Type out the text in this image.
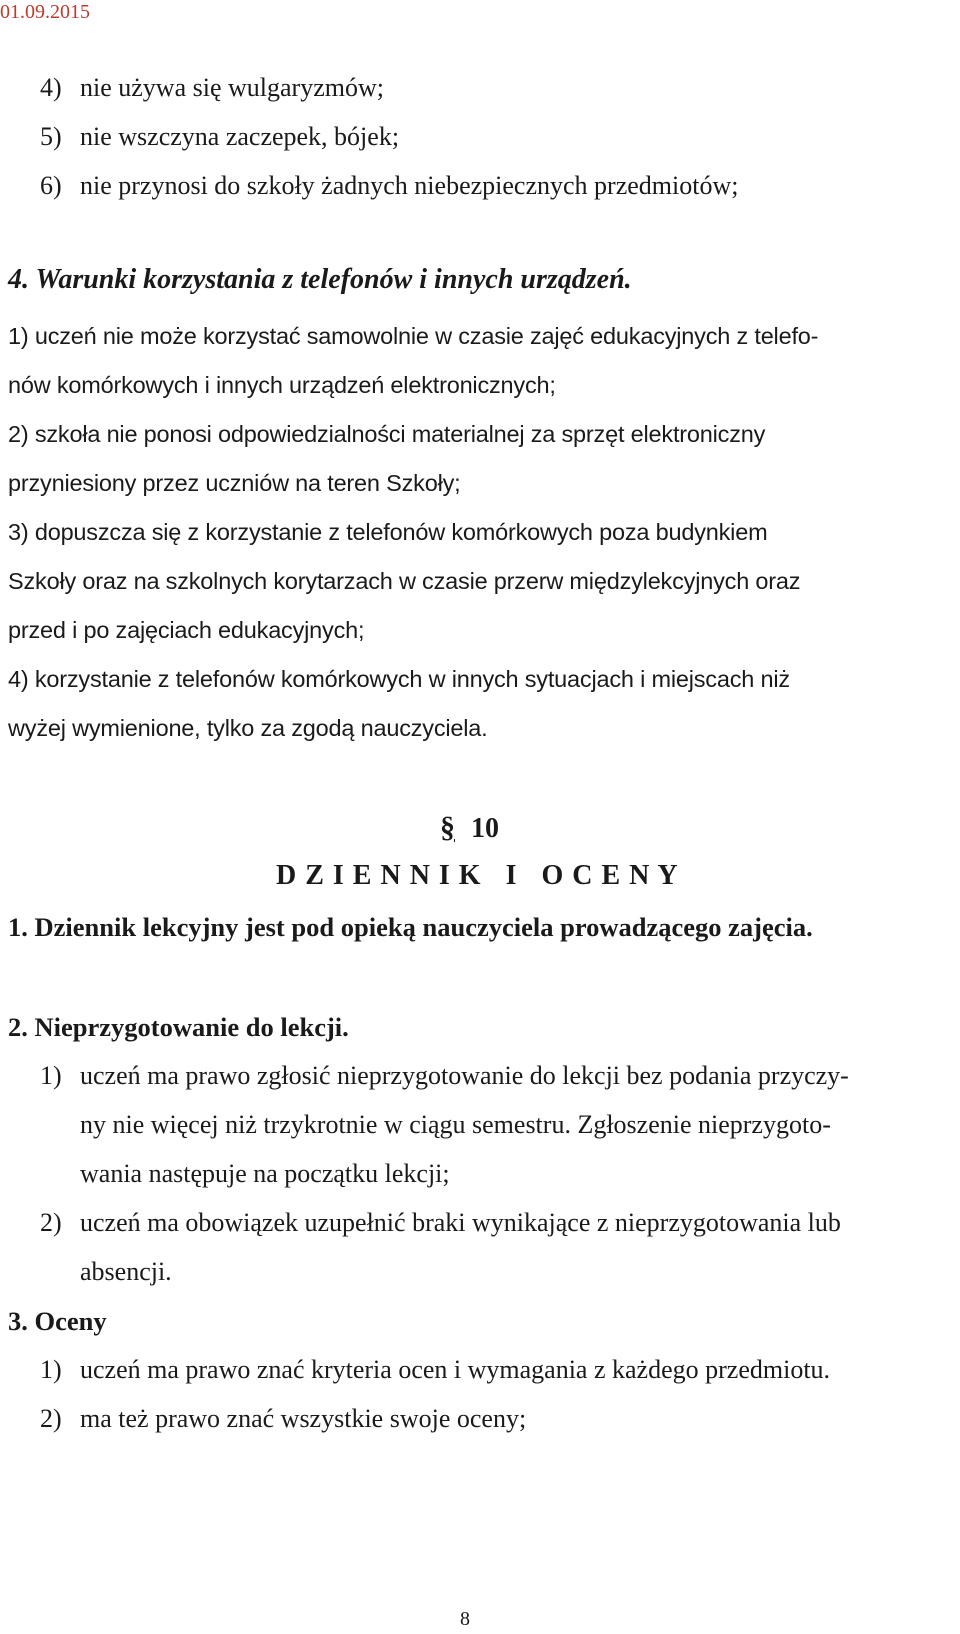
01.09.2015
4) nie używa się wulgaryzmów;
5) nie wszczyna zaczepek, bójek;
6) nie przynosi do szkoły żadnych niebezpiecznych przedmiotów;
4. Warunki korzystania z telefonów i innych urządzeń.
1) uczeń nie może korzystać samowolnie w czasie zajęć edukacyjnych z telefo-
nów komórkowych i innych urządzeń elektronicznych;
2) szkoła nie ponosi odpowiedzialności materialnej za sprzęt elektroniczny
przyniesiony przez uczniów na teren Szkoły;
3) dopuszcza się z korzystanie z telefonów komórkowych poza budynkiem
Szkoły oraz na szkolnych korytarzach w czasie przerw międzylekcyjnych oraz
przed i po zajęciach edukacyjnych;
4) korzystanie z telefonów komórkowych w innych sytuacjach i miejscach niż
wyżej wymienione, tylko za zgodą nauczyciela.
§ 10
D Z I E N N I K   I   O C E N Y
1. Dziennik lekcyjny jest pod opieką nauczyciela prowadzącego zajęcia.
2. Nieprzygotowanie do lekcji.
1) uczeń ma prawo zgłosić nieprzygotowanie do lekcji bez podania przyczy-
ny nie więcej niż trzykrotnie w ciągu semestru. Zgłoszenie nieprzygoto-
wania następuje na początku lekcji;
2) uczeń ma obowiązek uzupełnić braki wynikające z nieprzygotowania lub
absencji.
3. Oceny
1) uczeń ma prawo znać kryteria ocen i wymagania z każdego przedmiotu.
2) ma też prawo znać wszystkie swoje oceny;
8
